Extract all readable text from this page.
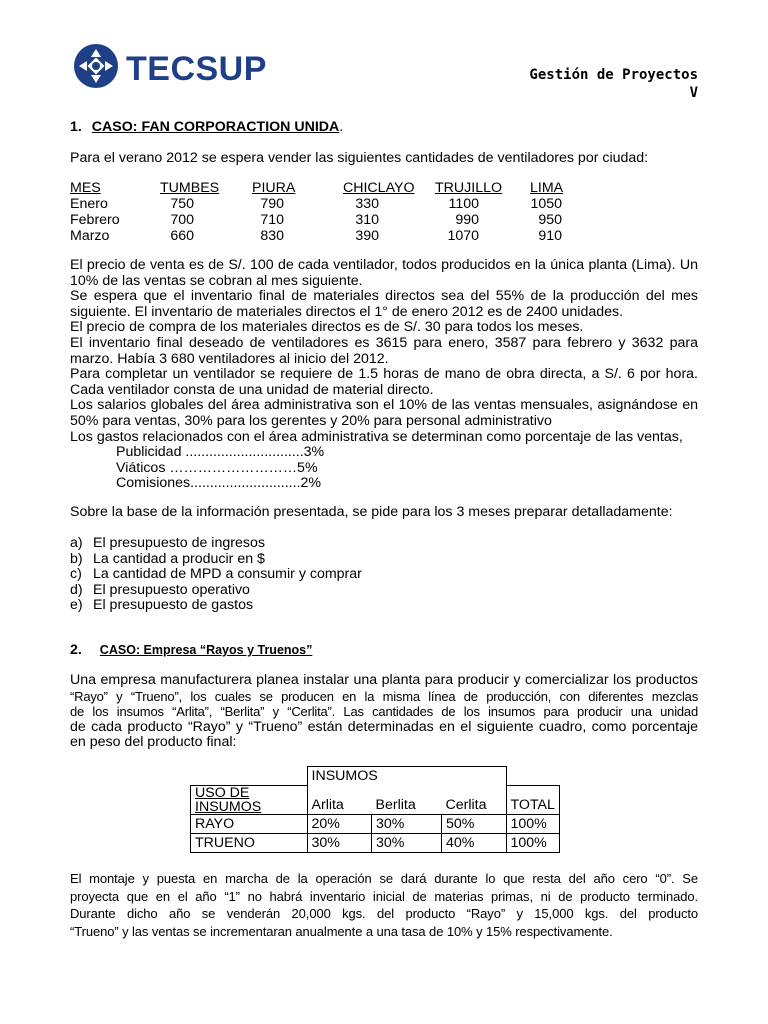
TECSUP	Gestión de Proyectos
V
1. CASO: FAN CORPORACTION UNIDA.
Para el verano 2012 se espera vender las siguientes cantidades de ventiladores por ciudad:
MES	TUMBES PIURA	CHICLAYO TRUJILLO LIMA
Enero	750	790	330	1100	1050
Febrero	700	710	310	990	950
Marzo	660	830	390	1070	910
El precio de venta es de S/. 100 de cada ventilador, todos producidos en la única planta (Lima). Un
10% de las ventas se cobran al mes siguiente.
Se espera que el inventario final de materiales directos sea del 55% de la producción del mes
siguiente. El inventario de materiales directos el 1° de enero 2012 es de 2400 unidades.
El precio de compra de los materiales directos es de S/. 30 para todos los meses.
El inventario final deseado de ventiladores es 3615 para enero, 3587 para febrero y 3632 para
marzo. Había 3 680 ventiladores al inicio del 2012.
Para completar un ventilador se requiere de 1.5 horas de mano de obra directa, a S/. 6 por hora.
Cada ventilador consta de una unidad de material directo.
Los salarios globales del área administrativa son el 10% de las ventas mensuales, asignándose en
50% para ventas, 30% para los gerentes y 20% para personal administrativo
Los gastos relacionados con el área administrativa se determinan como porcentaje de las ventas,
Publicidad ..............................3%
Viáticos ………………………5%
Comisiones............................2%
Sobre la base de la información presentada, se pide para los 3 meses preparar detalladamente:
a) El presupuesto de ingresos
b) La cantidad a producir en $
c) La cantidad de MPD a consumir y comprar
d) El presupuesto operativo
e) El presupuesto de gastos
2. CASO: Empresa “Rayos y Truenos”
Una empresa manufacturera planea instalar una planta para producir y comercializar los productos
“Rayo” y “Trueno”, los cuales se producen en la misma línea de producción, con diferentes mezclas
de los insumos “Arlita”, “Berlita” y “Cerlita”. Las cantidades de los insumos para producir una unidad
de cada producto “Rayo” y “Trueno” están determinadas en el siguiente cuadro, como porcentaje
en peso del producto final:
	INSUMOS			
USO DE INSUMOS	Arlita	Berlita	Cerlita	TOTAL
RAYO	20%	30%	50%	100%
TRUENO	30%	30%	40%	100%
El montaje y puesta en marcha de la operación se dará durante lo que resta del año cero “0”. Se
proyecta que en el año “1” no habrá inventario inicial de materias primas, ni de producto terminado.
Durante dicho año se venderán 20,000 kgs. del producto “Rayo” y 15,000 kgs. del producto
“Trueno” y las ventas se incrementaran anualmente a una tasa de 10% y 15% respectivamente.
